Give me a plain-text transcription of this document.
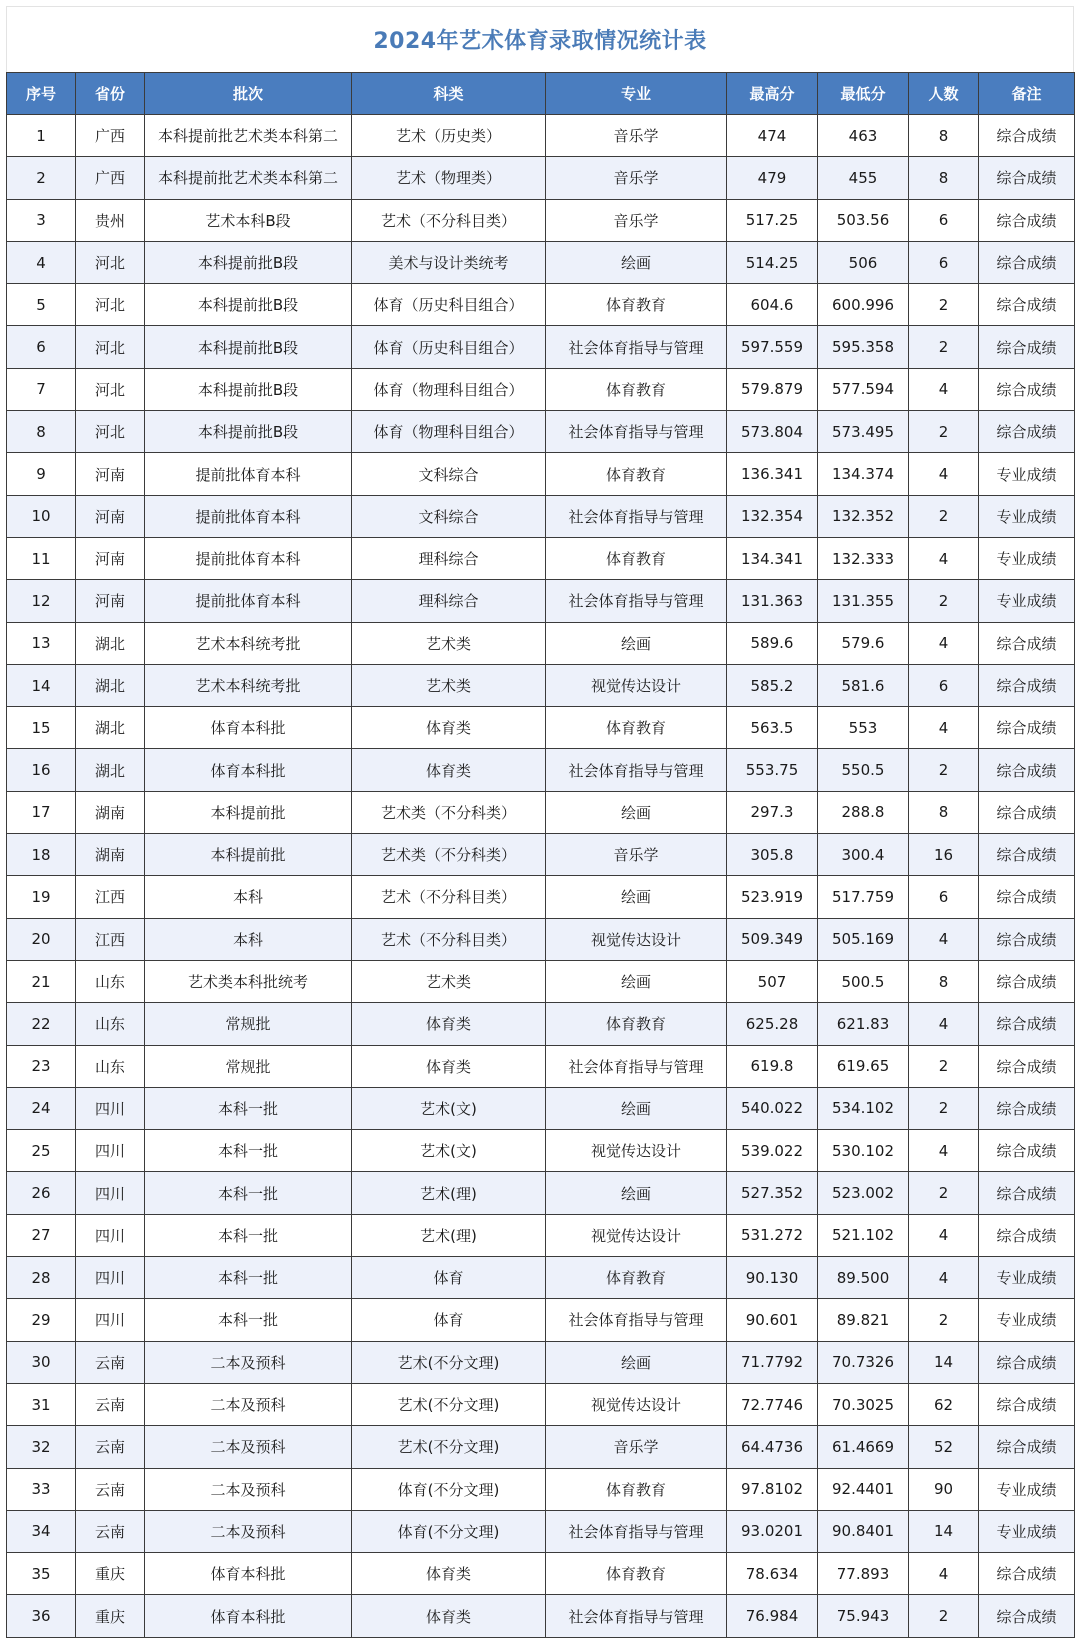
2024年艺术体育录取情况统计表
序号	省份	批次	科类	专业	最高分	最低分	人数	备注
1	广西	本科提前批艺术类本科第二	艺术（历史类）	音乐学	474	463	8	综合成绩
2	广西	本科提前批艺术类本科第二	艺术（物理类）	音乐学	479	455	8	综合成绩
3	贵州	艺术本科B段	艺术（不分科目类）	音乐学	517.25	503.56	6	综合成绩
4	河北	本科提前批B段	美术与设计类统考	绘画	514.25	506	6	综合成绩
5	河北	本科提前批B段	体育（历史科目组合）	体育教育	604.6	600.996	2	综合成绩
6	河北	本科提前批B段	体育（历史科目组合）	社会体育指导与管理	597.559	595.358	2	综合成绩
7	河北	本科提前批B段	体育（物理科目组合）	体育教育	579.879	577.594	4	综合成绩
8	河北	本科提前批B段	体育（物理科目组合）	社会体育指导与管理	573.804	573.495	2	综合成绩
9	河南	提前批体育本科	文科综合	体育教育	136.341	134.374	4	专业成绩
10	河南	提前批体育本科	文科综合	社会体育指导与管理	132.354	132.352	2	专业成绩
11	河南	提前批体育本科	理科综合	体育教育	134.341	132.333	4	专业成绩
12	河南	提前批体育本科	理科综合	社会体育指导与管理	131.363	131.355	2	专业成绩
13	湖北	艺术本科统考批	艺术类	绘画	589.6	579.6	4	综合成绩
14	湖北	艺术本科统考批	艺术类	视觉传达设计	585.2	581.6	6	综合成绩
15	湖北	体育本科批	体育类	体育教育	563.5	553	4	综合成绩
16	湖北	体育本科批	体育类	社会体育指导与管理	553.75	550.5	2	综合成绩
17	湖南	本科提前批	艺术类（不分科类）	绘画	297.3	288.8	8	综合成绩
18	湖南	本科提前批	艺术类（不分科类）	音乐学	305.8	300.4	16	综合成绩
19	江西	本科	艺术（不分科目类）	绘画	523.919	517.759	6	综合成绩
20	江西	本科	艺术（不分科目类）	视觉传达设计	509.349	505.169	4	综合成绩
21	山东	艺术类本科批统考	艺术类	绘画	507	500.5	8	综合成绩
22	山东	常规批	体育类	体育教育	625.28	621.83	4	综合成绩
23	山东	常规批	体育类	社会体育指导与管理	619.8	619.65	2	综合成绩
24	四川	本科一批	艺术(文)	绘画	540.022	534.102	2	综合成绩
25	四川	本科一批	艺术(文)	视觉传达设计	539.022	530.102	4	综合成绩
26	四川	本科一批	艺术(理)	绘画	527.352	523.002	2	综合成绩
27	四川	本科一批	艺术(理)	视觉传达设计	531.272	521.102	4	综合成绩
28	四川	本科一批	体育	体育教育	90.130	89.500	4	专业成绩
29	四川	本科一批	体育	社会体育指导与管理	90.601	89.821	2	专业成绩
30	云南	二本及预科	艺术(不分文理)	绘画	71.7792	70.7326	14	综合成绩
31	云南	二本及预科	艺术(不分文理)	视觉传达设计	72.7746	70.3025	62	综合成绩
32	云南	二本及预科	艺术(不分文理)	音乐学	64.4736	61.4669	52	综合成绩
33	云南	二本及预科	体育(不分文理)	体育教育	97.8102	92.4401	90	专业成绩
34	云南	二本及预科	体育(不分文理)	社会体育指导与管理	93.0201	90.8401	14	专业成绩
35	重庆	体育本科批	体育类	体育教育	78.634	77.893	4	综合成绩
36	重庆	体育本科批	体育类	社会体育指导与管理	76.984	75.943	2	综合成绩
